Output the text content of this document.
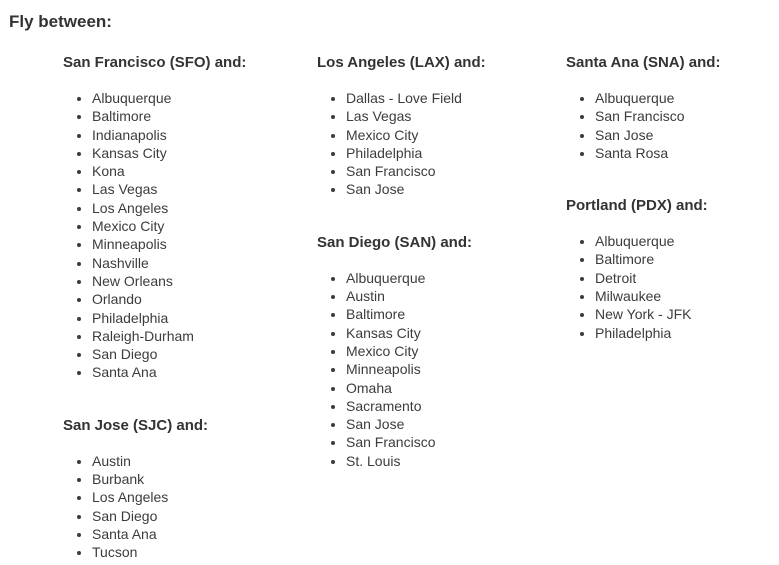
Fly between:
San Francisco (SFO) and:
• Albuquerque
• Baltimore
• Indianapolis
• Kansas City
• Kona
• Las Vegas
• Los Angeles
• Mexico City
• Minneapolis
• Nashville
• New Orleans
• Orlando
• Philadelphia
• Raleigh-Durham
• San Diego
• Santa Ana
San Jose (SJC) and:
• Austin
• Burbank
• Los Angeles
• San Diego
• Santa Ana
• Tucson
Los Angeles (LAX) and:
• Dallas - Love Field
• Las Vegas
• Mexico City
• Philadelphia
• San Francisco
• San Jose
San Diego (SAN) and:
• Albuquerque
• Austin
• Baltimore
• Kansas City
• Mexico City
• Minneapolis
• Omaha
• Sacramento
• San Jose
• San Francisco
• St. Louis
Santa Ana (SNA) and:
• Albuquerque
• San Francisco
• San Jose
• Santa Rosa
Portland (PDX) and:
• Albuquerque
• Baltimore
• Detroit
• Milwaukee
• New York - JFK
• Philadelphia
